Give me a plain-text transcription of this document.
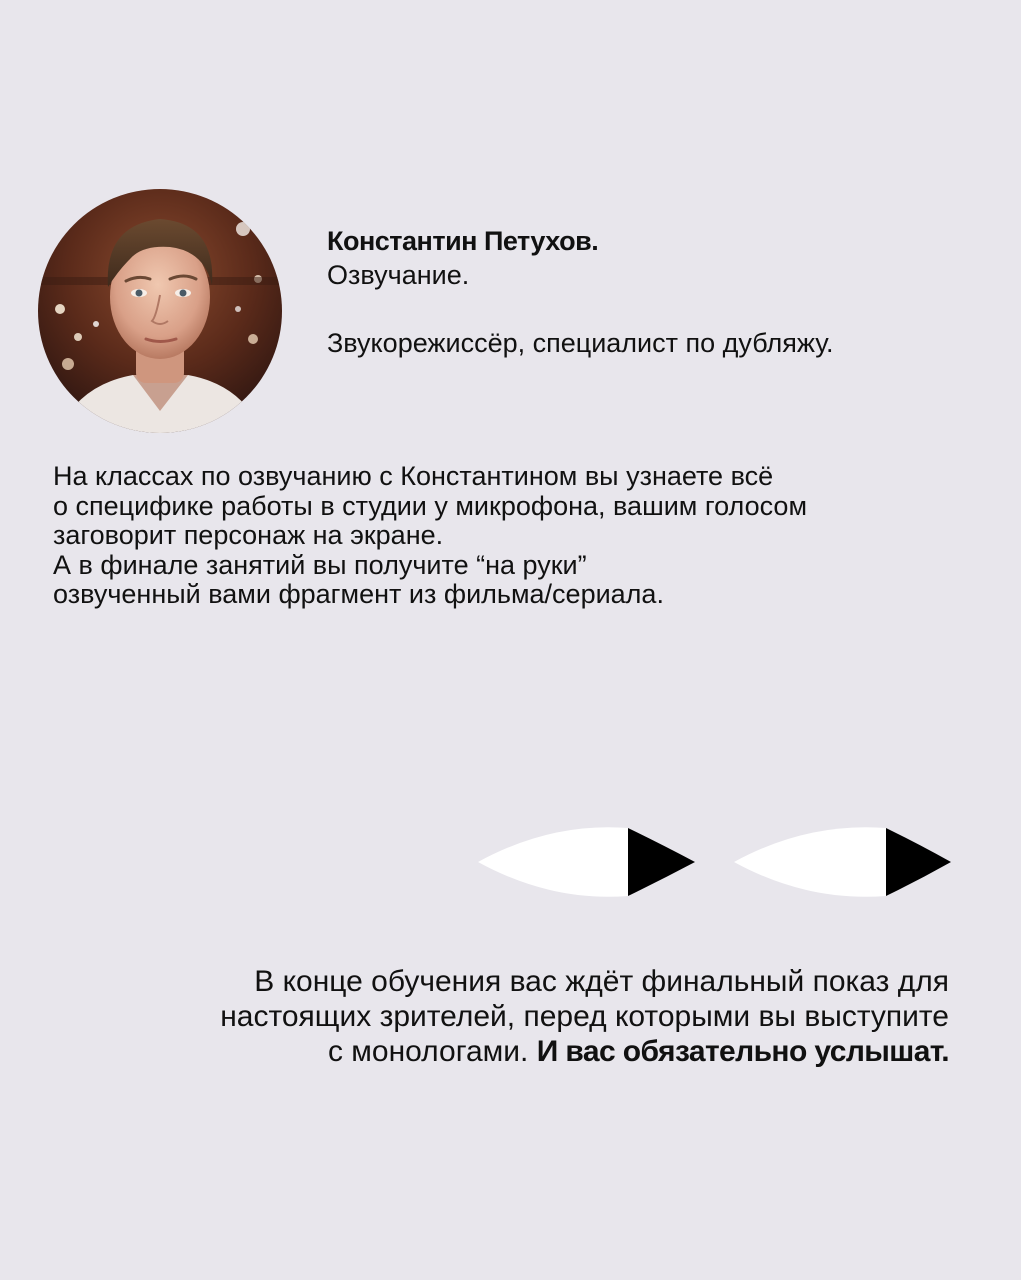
Константин Петухов.
Озвучание.
Звукорежиссёр, специалист по дубляжу.
На классах по озвучанию с Константином вы узнаете всё
о специфике работы в студии у микрофона, вашим голосом
заговорит персонаж на экране.
А в финале занятий вы получите “на руки”
озвученный вами фрагмент из фильма/сериала.
В конце обучения вас ждёт финальный показ для
настоящих зрителей, перед которыми вы выступите
с монологами. И вас обязательно услышат.
